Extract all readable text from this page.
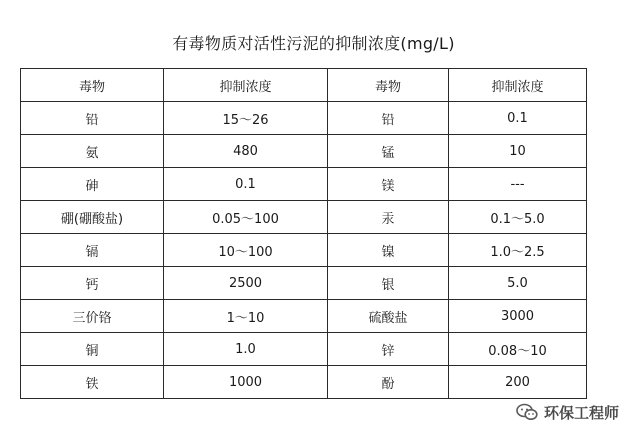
有毒物质对活性污泥的抑制浓度(mg/L)
毒物	抑制浓度	毒物	抑制浓度
铅	15～26	铅	0.1
氨	480	锰	10
砷	0.1	镁	---
硼(硼酸盐)	0.05～100	汞	0.1～5.0
镉	10～100	镍	1.0～2.5
钙	2500	银	5.0
三价铬	1～10	硫酸盐	3000
铜	1.0	锌	0.08～10
铁	1000	酚	200
环保工程师
